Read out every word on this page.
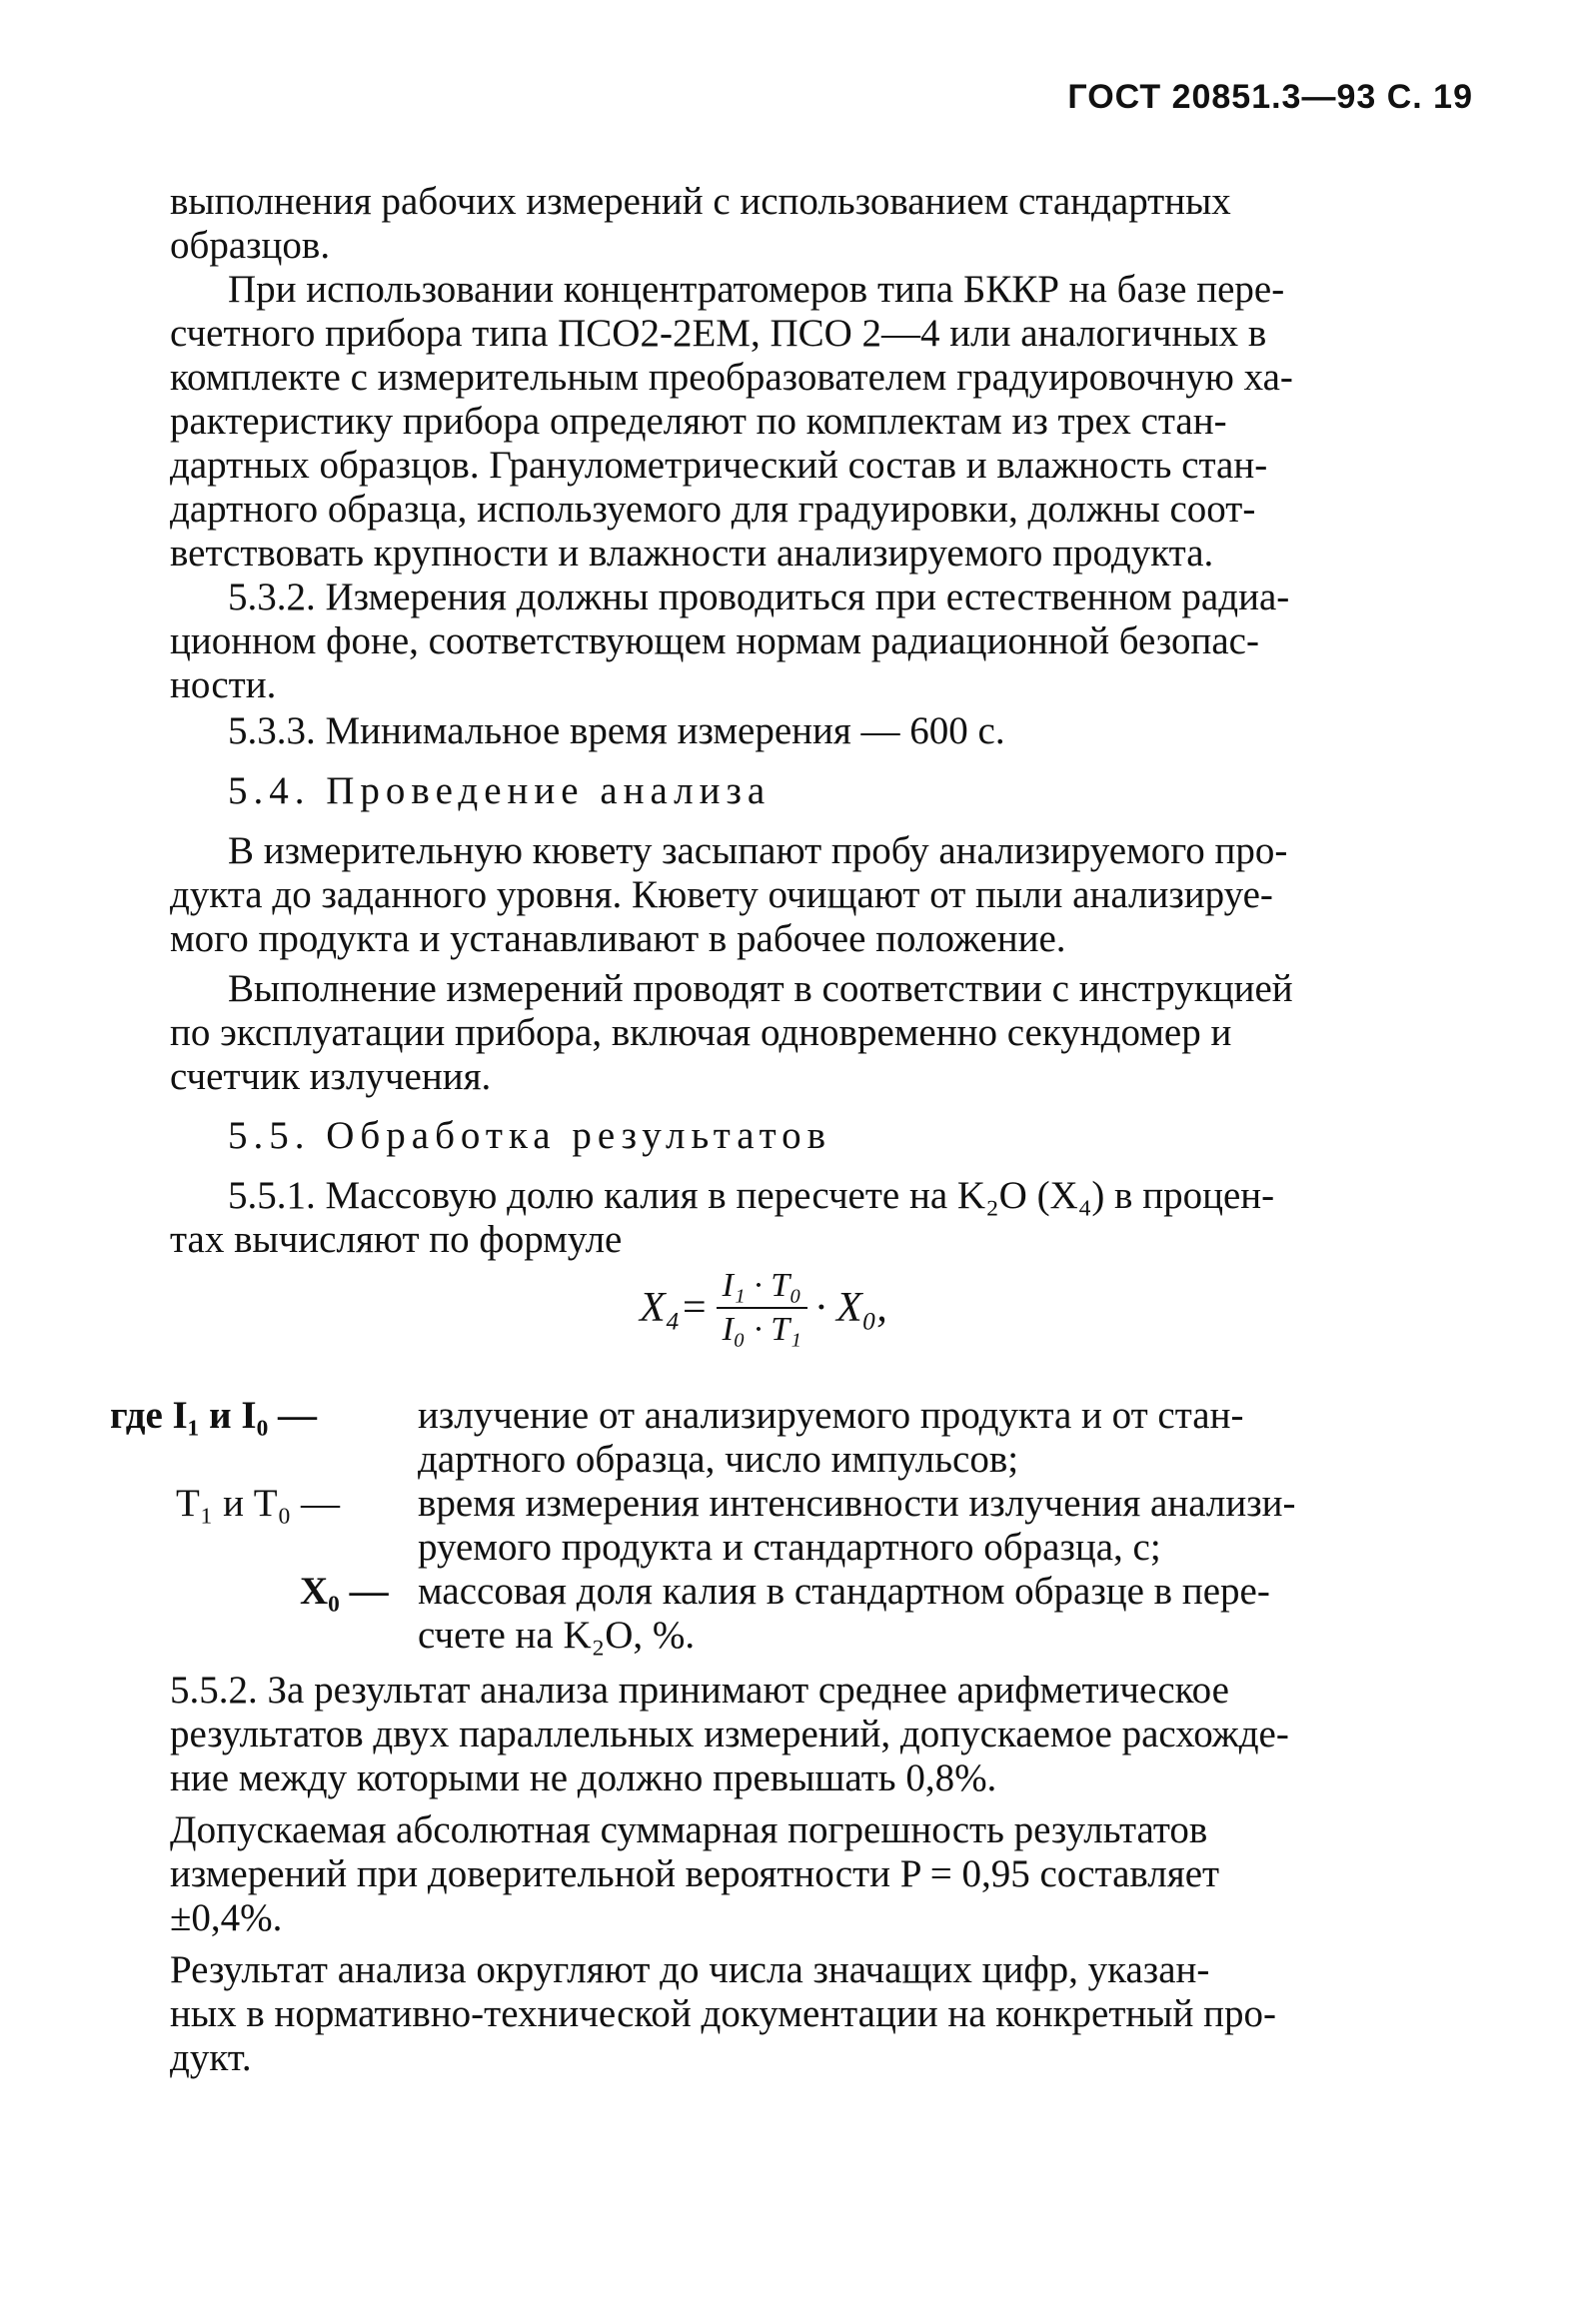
ГОСТ 20851.3—93 С. 19
выполнения рабочих измерений с использованием стандартных
образцов.
При использовании концентратомеров типа БККР на базе пере-
счетного прибора типа ПСО2-2ЕМ, ПСО 2—4 или аналогичных в
комплекте с измерительным преобразователем градуировочную ха-
рактеристику прибора определяют по комплектам из трех стан-
дартных образцов. Гранулометрический состав и влажность стан-
дартного образца, используемого для градуировки, должны соот-
ветствовать крупности и влажности анализируемого продукта.
5.3.2. Измерения должны проводиться при естественном радиа-
ционном фоне, соответствующем нормам радиационной безопас-
ности.
5.3.3. Минимальное время измерения — 600 с.
5.4. Проведение анализа
В измерительную кювету засыпают пробу анализируемого про-
дукта до заданного уровня. Кювету очищают от пыли анализируе-
мого продукта и устанавливают в рабочее положение.
Выполнение измерений проводят в соответствии с инструкцией
по эксплуатации прибора, включая одновременно секундомер и
счетчик излучения.
5.5. Обработка результатов
5.5.1. Массовую долю калия в пересчете на K₂O (X₄) в процен-
тах вычисляют по формуле
$X_4= \frac{\text{I₁ · T₀}}{\text{I₀ · T₁}} \cdot X_0$,
где I₁ и I₀ —	излучение от анализируемого продукта и от стан-
дартного образца, число импульсов;
T₁ и T₀ — время измерения интенсивности излучения анализи-
руемого продукта и стандартного образца, с;
X₀ — массовая доля калия в стандартном образце в пере-
счете на K₂O, %.
5.5.2. За результат анализа принимают среднее арифметическое
результатов двух параллельных измерений, допускаемое расхожде-
ние между которыми не должно превышать 0,8%.
Допускаемая абсолютная суммарная погрешность результатов
измерений при доверительной вероятности P = 0,95 составляет
±0,4%.
Результат анализа округляют до числа значащих цифр, указан-
ных в нормативно-технической документации на конкретный про-
дукт.
